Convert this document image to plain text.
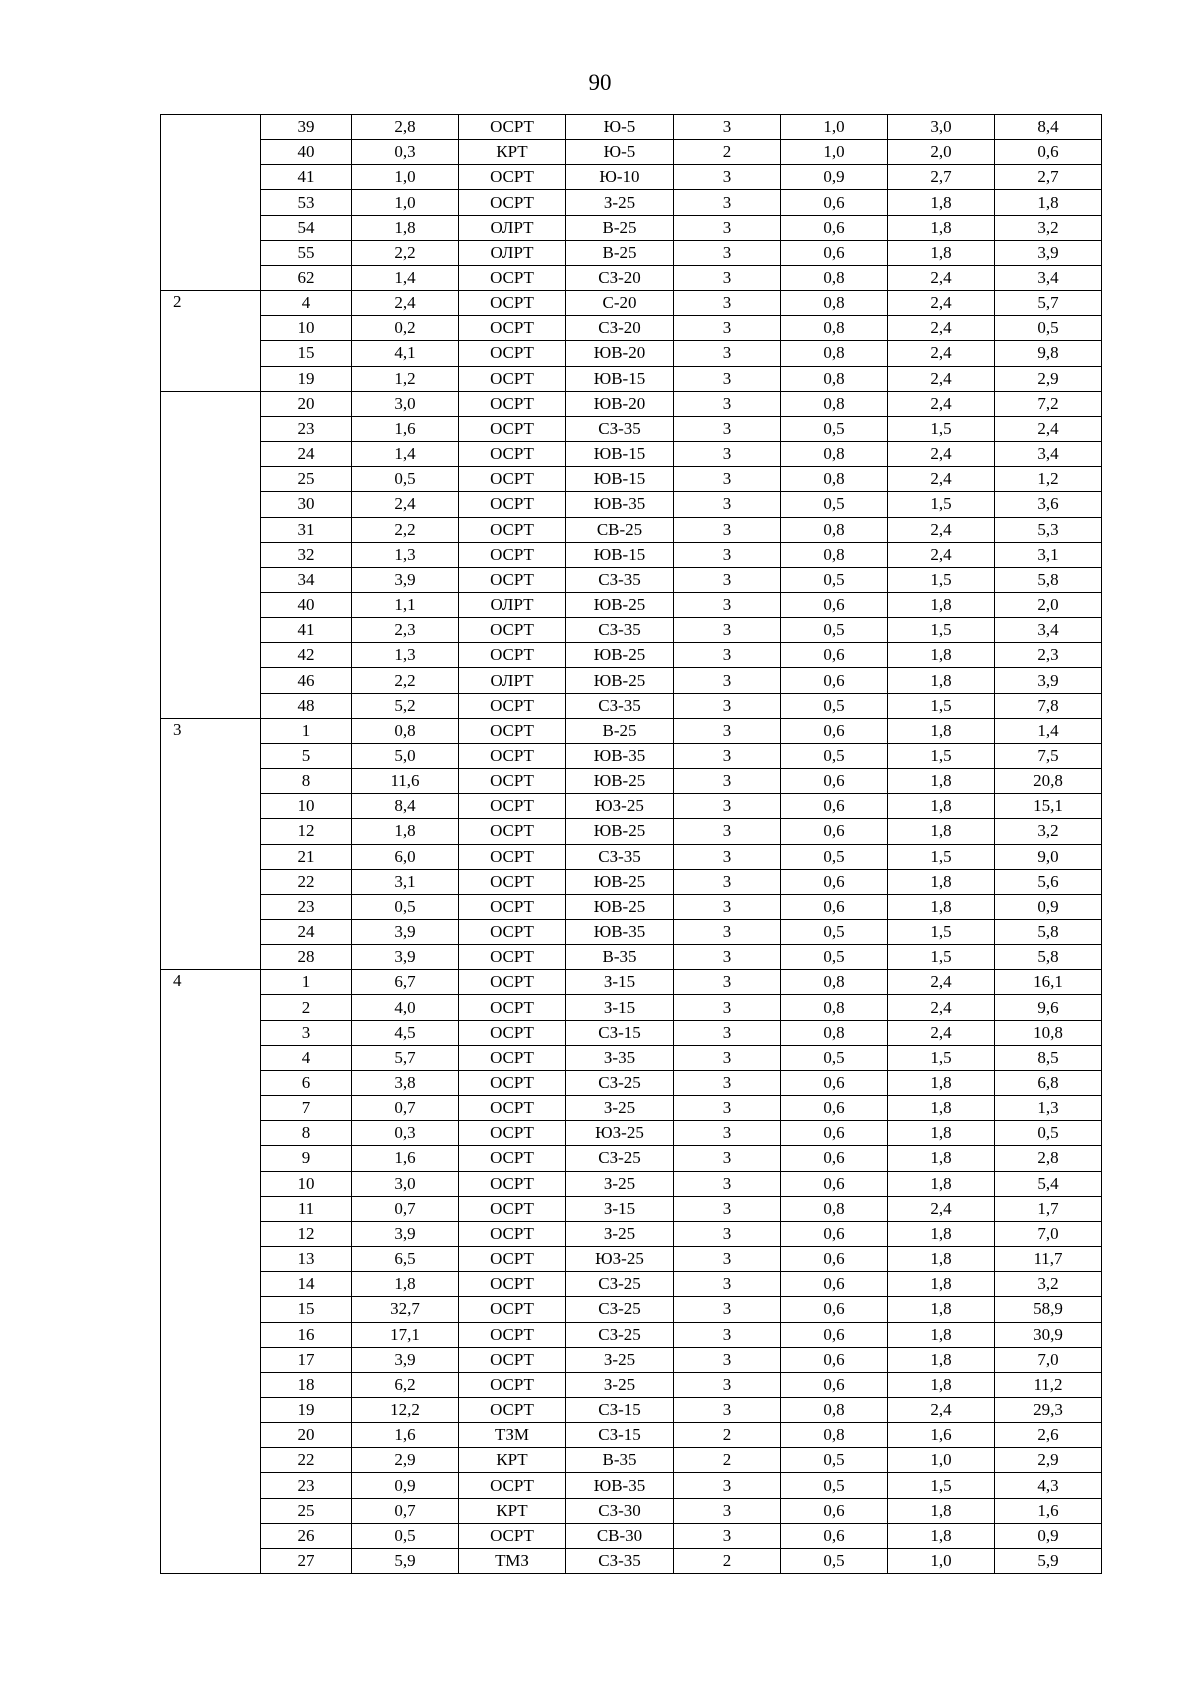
90
	39	2,8	ОСРТ	Ю-5	3	1,0	3,0	8,4
	40	0,3	КРТ	Ю-5	2	1,0	2,0	0,6
	41	1,0	ОСРТ	Ю-10	3	0,9	2,7	2,7
	53	1,0	ОСРТ	З-25	3	0,6	1,8	1,8
	54	1,8	ОЛРТ	В-25	3	0,6	1,8	3,2
	55	2,2	ОЛРТ	В-25	3	0,6	1,8	3,9
	62	1,4	ОСРТ	СЗ-20	3	0,8	2,4	3,4
2	4	2,4	ОСРТ	С-20	3	0,8	2,4	5,7
	10	0,2	ОСРТ	СЗ-20	3	0,8	2,4	0,5
	15	4,1	ОСРТ	ЮВ-20	3	0,8	2,4	9,8
	19	1,2	ОСРТ	ЮВ-15	3	0,8	2,4	2,9
	20	3,0	ОСРТ	ЮВ-20	3	0,8	2,4	7,2
	23	1,6	ОСРТ	СЗ-35	3	0,5	1,5	2,4
	24	1,4	ОСРТ	ЮВ-15	3	0,8	2,4	3,4
	25	0,5	ОСРТ	ЮВ-15	3	0,8	2,4	1,2
	30	2,4	ОСРТ	ЮВ-35	3	0,5	1,5	3,6
	31	2,2	ОСРТ	СВ-25	3	0,8	2,4	5,3
	32	1,3	ОСРТ	ЮВ-15	3	0,8	2,4	3,1
	34	3,9	ОСРТ	СЗ-35	3	0,5	1,5	5,8
	40	1,1	ОЛРТ	ЮВ-25	3	0,6	1,8	2,0
	41	2,3	ОСРТ	СЗ-35	3	0,5	1,5	3,4
	42	1,3	ОСРТ	ЮВ-25	3	0,6	1,8	2,3
	46	2,2	ОЛРТ	ЮВ-25	3	0,6	1,8	3,9
	48	5,2	ОСРТ	СЗ-35	3	0,5	1,5	7,8
3	1	0,8	ОСРТ	В-25	3	0,6	1,8	1,4
	5	5,0	ОСРТ	ЮВ-35	3	0,5	1,5	7,5
	8	11,6	ОСРТ	ЮВ-25	3	0,6	1,8	20,8
	10	8,4	ОСРТ	ЮЗ-25	3	0,6	1,8	15,1
	12	1,8	ОСРТ	ЮВ-25	3	0,6	1,8	3,2
	21	6,0	ОСРТ	СЗ-35	3	0,5	1,5	9,0
	22	3,1	ОСРТ	ЮВ-25	3	0,6	1,8	5,6
	23	0,5	ОСРТ	ЮВ-25	3	0,6	1,8	0,9
	24	3,9	ОСРТ	ЮВ-35	3	0,5	1,5	5,8
	28	3,9	ОСРТ	В-35	3	0,5	1,5	5,8
4	1	6,7	ОСРТ	З-15	3	0,8	2,4	16,1
	2	4,0	ОСРТ	З-15	3	0,8	2,4	9,6
	3	4,5	ОСРТ	СЗ-15	3	0,8	2,4	10,8
	4	5,7	ОСРТ	З-35	3	0,5	1,5	8,5
	6	3,8	ОСРТ	СЗ-25	3	0,6	1,8	6,8
	7	0,7	ОСРТ	З-25	3	0,6	1,8	1,3
	8	0,3	ОСРТ	ЮЗ-25	3	0,6	1,8	0,5
	9	1,6	ОСРТ	СЗ-25	3	0,6	1,8	2,8
	10	3,0	ОСРТ	З-25	3	0,6	1,8	5,4
	11	0,7	ОСРТ	З-15	3	0,8	2,4	1,7
	12	3,9	ОСРТ	З-25	3	0,6	1,8	7,0
	13	6,5	ОСРТ	ЮЗ-25	3	0,6	1,8	11,7
	14	1,8	ОСРТ	СЗ-25	3	0,6	1,8	3,2
	15	32,7	ОСРТ	СЗ-25	3	0,6	1,8	58,9
	16	17,1	ОСРТ	СЗ-25	3	0,6	1,8	30,9
	17	3,9	ОСРТ	З-25	3	0,6	1,8	7,0
	18	6,2	ОСРТ	З-25	3	0,6	1,8	11,2
	19	12,2	ОСРТ	СЗ-15	3	0,8	2,4	29,3
	20	1,6	ТЗМ	СЗ-15	2	0,8	1,6	2,6
	22	2,9	КРТ	В-35	2	0,5	1,0	2,9
	23	0,9	ОСРТ	ЮВ-35	3	0,5	1,5	4,3
	25	0,7	КРТ	СЗ-30	3	0,6	1,8	1,6
	26	0,5	ОСРТ	СВ-30	3	0,6	1,8	0,9
	27	5,9	ТМЗ	СЗ-35	2	0,5	1,0	5,9
